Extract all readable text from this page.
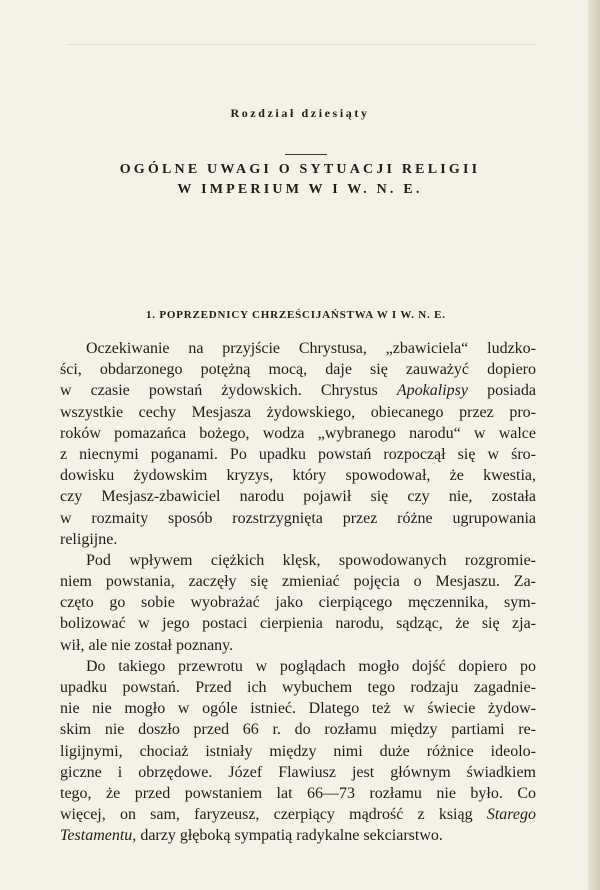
Rozdział dziesiąty
OGÓLNE UWAGI O SYTUACJI RELIGII
W IMPERIUM W I W. N. E.
1. POPRZEDNICY CHRZEŚCIJAŃSTWA W I W. N. E.
Oczekiwanie na przyjście Chrystusa, „zbawiciela“ ludzko-
ści, obdarzonego potężną mocą, daje się zauważyć dopiero
w czasie powstań żydowskich. Chrystus Apokalipsy posiada
wszystkie cechy Mesjasza żydowskiego, obiecanego przez pro-
roków pomazańca bożego, wodza „wybranego narodu“ w walce
z niecnymi poganami. Po upadku powstań rozpoczął się w śro-
dowisku żydowskim kryzys, który spowodował, że kwestia,
czy Mesjasz-zbawiciel narodu pojawił się czy nie, została
w rozmaity sposób rozstrzygnięta przez różne ugrupowania
religijne.
Pod wpływem ciężkich klęsk, spowodowanych rozgromie-
niem powstania, zaczęły się zmieniać pojęcia o Mesjaszu. Za-
częto go sobie wyobrażać jako cierpiącego męczennika, sym-
bolizować w jego postaci cierpienia narodu, sądząc, że się zja-
wił, ale nie został poznany.
Do takiego przewrotu w poglądach mogło dojść dopiero po
upadku powstań. Przed ich wybuchem tego rodzaju zagadnie-
nie nie mogło w ogóle istnieć. Dlatego też w świecie żydow-
skim nie doszło przed 66 r. do rozłamu między partiami re-
ligijnymi, chociaż istniały między nimi duże różnice ideolo-
giczne i obrzędowe. Józef Flawiusz jest głównym świadkiem
tego, że przed powstaniem lat 66—73 rozłamu nie było. Co
więcej, on sam, faryzeusz, czerpiący mądrość z ksiąg Starego
Testamentu, darzy głęboką sympatią radykalne sekciarstwo.
